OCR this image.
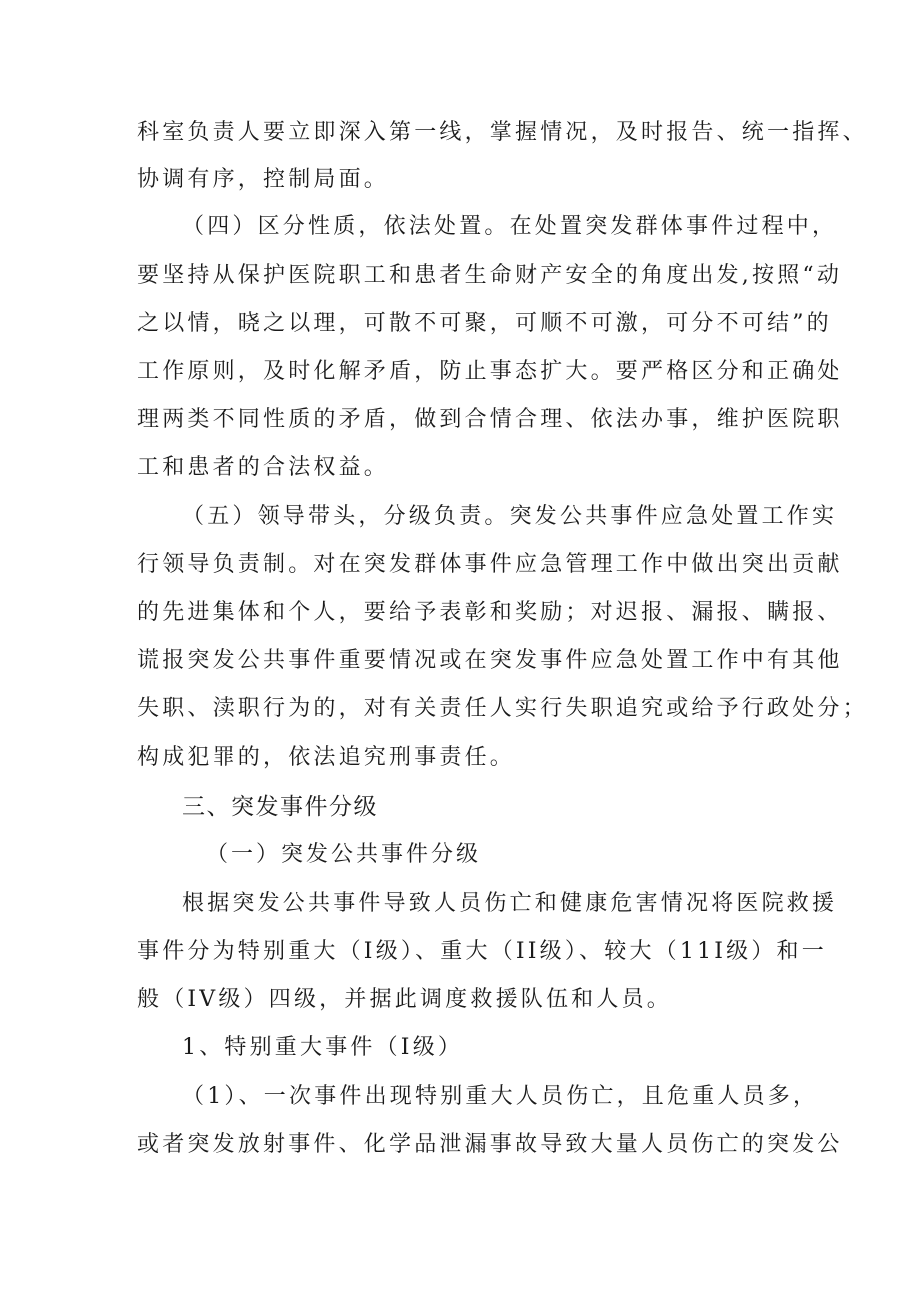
科室负责人要立即深入第一线，掌握情况，及时报告、统一指挥、
协调有序，控制局面。
（四）区分性质，依法处置。在处置突发群体事件过程中，
要坚持从保护医院职工和患者生命财产安全的角度出发,按照“动
之以情，晓之以理，可散不可聚，可顺不可激，可分不可结”的
工作原则，及时化解矛盾，防止事态扩大。要严格区分和正确处
理两类不同性质的矛盾，做到合情合理、依法办事，维护医院职
工和患者的合法权益。
（五）领导带头，分级负责。突发公共事件应急处置工作实
行领导负责制。对在突发群体事件应急管理工作中做出突出贡献
的先进集体和个人，要给予表彰和奖励；对迟报、漏报、瞒报、
谎报突发公共事件重要情况或在突发事件应急处置工作中有其他
失职、渎职行为的，对有关责任人实行失职追究或给予行政处分；
构成犯罪的，依法追究刑事责任。
三、突发事件分级
（一）突发公共事件分级
根据突发公共事件导致人员伤亡和健康危害情况将医院救援
事件分为特别重大（I级）、重大（II级）、较大（11I级）和一
般（IV级）四级，并据此调度救援队伍和人员。
1、特别重大事件（I级）
（1）、一次事件出现特别重大人员伤亡，且危重人员多，
或者突发放射事件、化学品泄漏事故导致大量人员伤亡的突发公
